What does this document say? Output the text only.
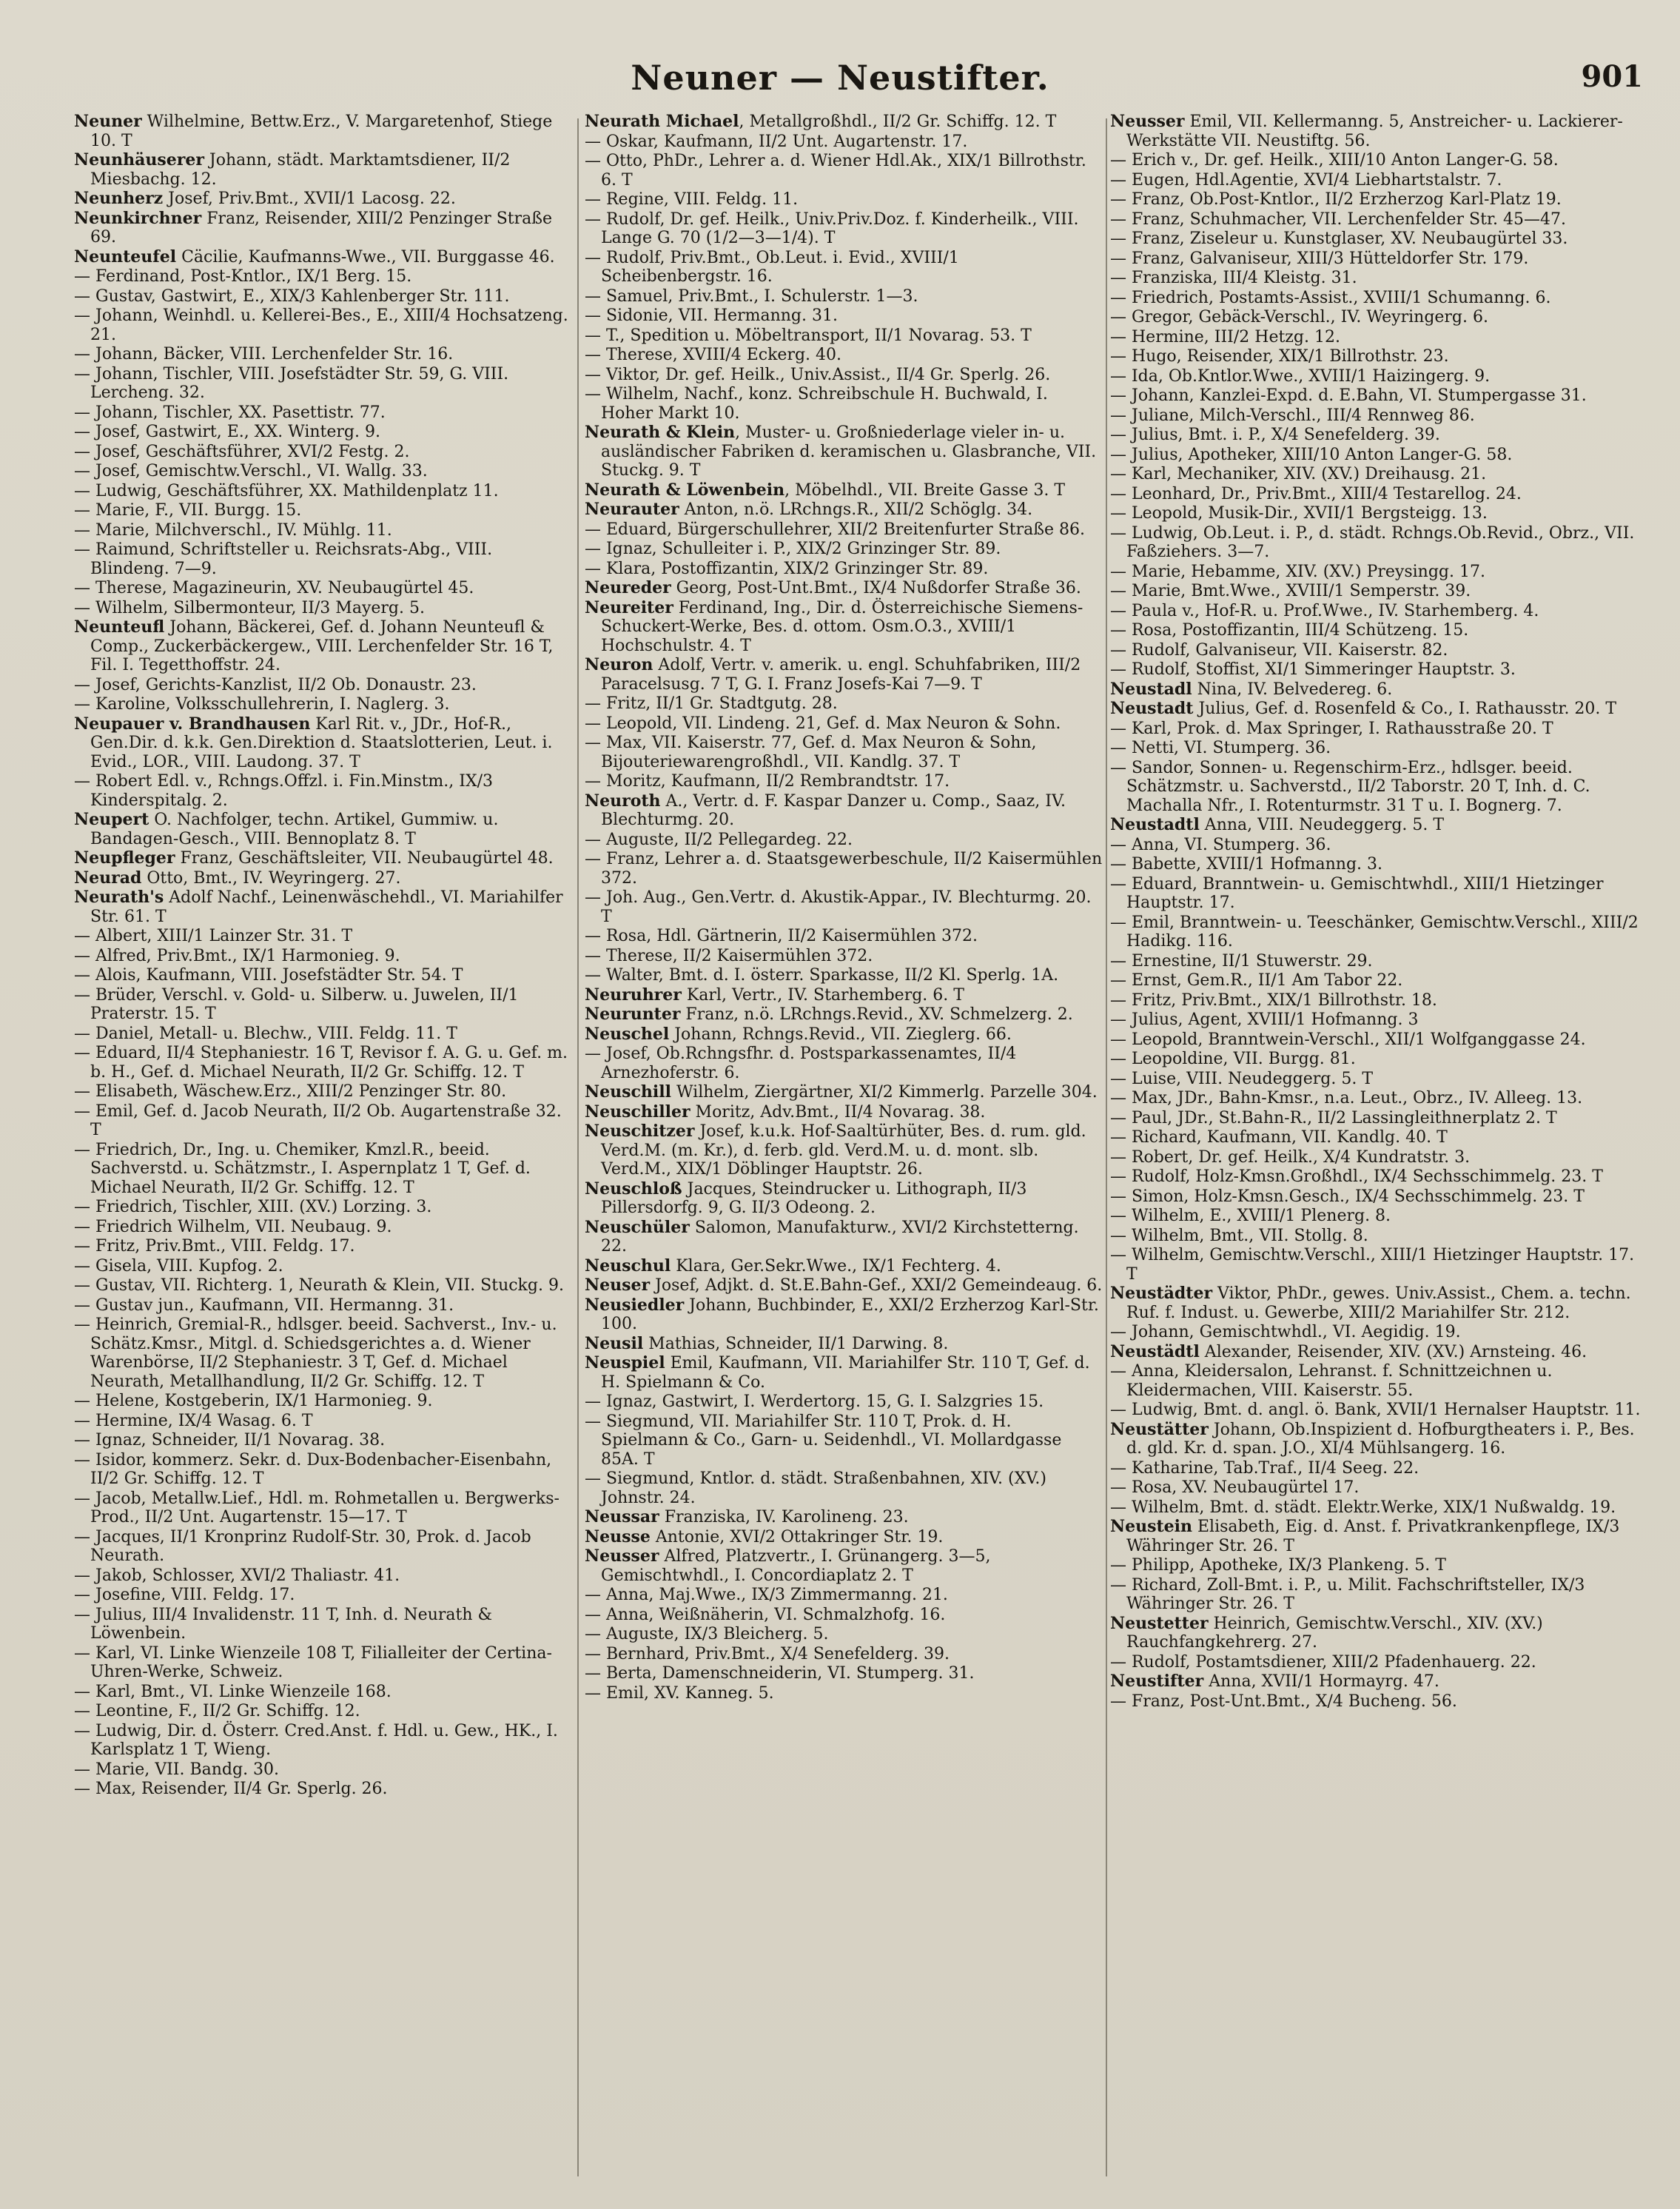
Neuner — Neustifter.	901
Neuner Wilhelmine, Bettw.Erz., V. Margaretenhof, Stiege 10. T
Neunhäuserer Johann, städt. Marktamtsdiener, II/2 Miesbachg. 12.
Neunherz Josef, Priv.Bmt., XVII/1 Lacosg. 22.
Neunkirchner Franz, Reisender, XIII/2 Penzinger Straße 69.
Neunteufel Cäcilie, Kaufmanns-Wwe., VII. Burggasse 46.
— Ferdinand, Post-Kntlor., IX/1 Berg. 15.
— Gustav, Gastwirt, E., XIX/3 Kahlenberger Str. 111.
— Johann, Weinhdl. u. Kellerei-Bes., E., XIII/4 Hochsatzeng. 21.
— Johann, Bäcker, VIII. Lerchenfelder Str. 16.
— Johann, Tischler, VIII. Josefstädter Str. 59, G. VIII. Lercheng. 32.
— Johann, Tischler, XX. Pasettistr. 77.
— Josef, Gastwirt, E., XX. Winterg. 9.
— Josef, Geschäftsführer, XVI/2 Festg. 2.
— Josef, Gemischtw.Verschl., VI. Wallg. 33.
— Ludwig, Geschäftsführer, XX. Mathildenplatz 11.
— Marie, F., VII. Burgg. 15.
— Marie, Milchverschl., IV. Mühlg. 11.
— Raimund, Schriftsteller u. Reichsrats-Abg., VIII. Blindeng. 7—9.
— Therese, Magazineurin, XV. Neubaugürtel 45.
— Wilhelm, Silbermonteur, II/3 Mayerg. 5.
Neunteufl Johann, Bäckerei, Gef. d. Johann Neunteufl & Comp., Zuckerbäckergew., VIII. Lerchenfelder Str. 16 T, Fil. I. Tegetthoffstr. 24.
— Josef, Gerichts-Kanzlist, II/2 Ob. Donaustr. 23.
— Karoline, Volksschullehrerin, I. Naglerg. 3.
Neupauer v. Brandhausen Karl Rit. v., JDr., Hof-R., Gen.Dir. d. k.k. Gen.Direktion d. Staatslotterien, Leut. i. Evid., LOR., VIII. Laudong. 37. T
— Robert Edl. v., Rchngs.Offzl. i. Fin.Minstm., IX/3 Kinderspitalg. 2.
Neupert O. Nachfolger, techn. Artikel, Gummiw. u. Bandagen-Gesch., VIII. Bennoplatz 8. T
Neupfleger Franz, Geschäftsleiter, VII. Neubaugürtel 48.
Neurad Otto, Bmt., IV. Weyringerg. 27.
Neurath's Adolf Nachf., Leinenwäschehdl., VI. Mariahilfer Str. 61. T
— Albert, XIII/1 Lainzer Str. 31. T
— Alfred, Priv.Bmt., IX/1 Harmonieg. 9.
— Alois, Kaufmann, VIII. Josefstädter Str. 54. T
— Brüder, Verschl. v. Gold- u. Silberw. u. Juwelen, II/1 Praterstr. 15. T
— Daniel, Metall- u. Blechw., VIII. Feldg. 11. T
— Eduard, II/4 Stephaniestr. 16 T, Revisor f. A. G. u. Gef. m. b. H., Gef. d. Michael Neurath, II/2 Gr. Schiffg. 12. T
— Elisabeth, Wäschew.Erz., XIII/2 Penzinger Str. 80.
— Emil, Gef. d. Jacob Neurath, II/2 Ob. Augartenstraße 32. T
— Friedrich, Dr., Ing. u. Chemiker, Kmzl.R., beeid. Sachverstd. u. Schätzmstr., I. Aspernplatz 1 T, Gef. d. Michael Neurath, II/2 Gr. Schiffg. 12. T
— Friedrich, Tischler, XIII. (XV.) Lorzing. 3.
— Friedrich Wilhelm, VII. Neubaug. 9.
— Fritz, Priv.Bmt., VIII. Feldg. 17.
— Gisela, VIII. Kupfog. 2.
— Gustav, VII. Richterg. 1, Neurath & Klein, VII. Stuckg. 9.
— Gustav jun., Kaufmann, VII. Hermanng. 31.
— Heinrich, Gremial-R., hdlsger. beeid. Sachverst., Inv.- u. Schätz.Kmsr., Mitgl. d. Schiedsgerichtes a. d. Wiener Warenbörse, II/2 Stephaniestr. 3 T, Gef. d. Michael Neurath, Metallhandlung, II/2 Gr. Schiffg. 12. T
— Helene, Kostgeberin, IX/1 Harmonieg. 9.
— Hermine, IX/4 Wasag. 6. T
— Ignaz, Schneider, II/1 Novarag. 38.
— Isidor, kommerz. Sekr. d. Dux-Bodenbacher-Eisenbahn, II/2 Gr. Schiffg. 12. T
— Jacob, Metallw.Lief., Hdl. m. Rohmetallen u. Bergwerks-Prod., II/2 Unt. Augartenstr. 15—17. T
— Jacques, II/1 Kronprinz Rudolf-Str. 30, Prok. d. Jacob Neurath.
— Jakob, Schlosser, XVI/2 Thaliastr. 41.
— Josefine, VIII. Feldg. 17.
— Julius, III/4 Invalidenstr. 11 T, Inh. d. Neurath & Löwenbein.
— Karl, VI. Linke Wienzeile 108 T, Filialleiter der Certina-Uhren-Werke, Schweiz.
— Karl, Bmt., VI. Linke Wienzeile 168.
— Leontine, F., II/2 Gr. Schiffg. 12.
— Ludwig, Dir. d. Österr. Cred.Anst. f. Hdl. u. Gew., HK., I. Karlsplatz 1 T, Wieng.
— Marie, VII. Bandg. 30.
— Max, Reisender, II/4 Gr. Sperlg. 26.
Neurath Michael, Metallgroßhdl., II/2 Gr. Schiffg. 12. T
— Oskar, Kaufmann, II/2 Unt. Augartenstr. 17.
— Otto, PhDr., Lehrer a. d. Wiener Hdl.Ak., XIX/1 Billrothstr. 6. T
— Regine, VIII. Feldg. 11.
— Rudolf, Dr. gef. Heilk., Univ.Priv.Doz. f. Kinderheilk., VIII. Lange G. 70 (1/2—3—1/4). T
— Rudolf, Priv.Bmt., Ob.Leut. i. Evid., XVIII/1 Scheibenbergstr. 16.
— Samuel, Priv.Bmt., I. Schulerstr. 1—3.
— Sidonie, VII. Hermanng. 31.
— T., Spedition u. Möbeltransport, II/1 Novarag. 53. T
— Therese, XVIII/4 Eckerg. 40.
— Viktor, Dr. gef. Heilk., Univ.Assist., II/4 Gr. Sperlg. 26.
— Wilhelm, Nachf., konz. Schreibschule H. Buchwald, I. Hoher Markt 10.
Neurath & Klein, Muster- u. Großniederlage vieler in- u. ausländischer Fabriken d. keramischen u. Glasbranche, VII. Stuckg. 9. T
Neurath & Löwenbein, Möbelhdl., VII. Breite Gasse 3. T
Neurauter Anton, n.ö. LRchngs.R., XII/2 Schöglg. 34.
— Eduard, Bürgerschullehrer, XII/2 Breitenfurter Straße 86.
— Ignaz, Schulleiter i. P., XIX/2 Grinzinger Str. 89.
— Klara, Postoffizantin, XIX/2 Grinzinger Str. 89.
Neureder Georg, Post-Unt.Bmt., IX/4 Nußdorfer Straße 36.
Neureiter Ferdinand, Ing., Dir. d. Österreichische Siemens-Schuckert-Werke, Bes. d. ottom. Osm.O.3., XVIII/1 Hochschulstr. 4. T
Neuron Adolf, Vertr. v. amerik. u. engl. Schuhfabriken, III/2 Paracelsusg. 7 T, G. I. Franz Josefs-Kai 7—9. T
— Fritz, II/1 Gr. Stadtgutg. 28.
— Leopold, VII. Lindeng. 21, Gef. d. Max Neuron & Sohn.
— Max, VII. Kaiserstr. 77, Gef. d. Max Neuron & Sohn, Bijouteriewarengroßhdl., VII. Kandlg. 37. T
— Moritz, Kaufmann, II/2 Rembrandtstr. 17.
Neuroth A., Vertr. d. F. Kaspar Danzer u. Comp., Saaz, IV. Blechturmg. 20.
— Auguste, II/2 Pellegardeg. 22.
— Franz, Lehrer a. d. Staatsgewerbeschule, II/2 Kaisermühlen 372.
— Joh. Aug., Gen.Vertr. d. Akustik-Appar., IV. Blechturmg. 20. T
— Rosa, Hdl. Gärtnerin, II/2 Kaisermühlen 372.
— Therese, II/2 Kaisermühlen 372.
— Walter, Bmt. d. I. österr. Sparkasse, II/2 Kl. Sperlg. 1A.
Neuruhrer Karl, Vertr., IV. Starhemberg. 6. T
Neurunter Franz, n.ö. LRchngs.Revid., XV. Schmelzerg. 2.
Neuschel Johann, Rchngs.Revid., VII. Zieglerg. 66.
— Josef, Ob.Rchngsfhr. d. Postsparkassenamtes, II/4 Arnezhoferstr. 6.
Neuschill Wilhelm, Ziergärtner, XI/2 Kimmerlg. Parzelle 304.
Neuschiller Moritz, Adv.Bmt., II/4 Novarag. 38.
Neuschitzer Josef, k.u.k. Hof-Saaltürhüter, Bes. d. rum. gld. Verd.M. (m. Kr.), d. ferb. gld. Verd.M. u. d. mont. slb. Verd.M., XIX/1 Döblinger Hauptstr. 26.
Neuschloß Jacques, Steindrucker u. Lithograph, II/3 Pillersdorfg. 9, G. II/3 Odeong. 2.
Neuschüler Salomon, Manufakturw., XVI/2 Kirchstetterng. 22.
Neuschul Klara, Ger.Sekr.Wwe., IX/1 Fechterg. 4.
Neuser Josef, Adjkt. d. St.E.Bahn-Gef., XXI/2 Gemeindeaug. 6.
Neusiedler Johann, Buchbinder, E., XXI/2 Erzherzog Karl-Str. 100.
Neusil Mathias, Schneider, II/1 Darwing. 8.
Neuspiel Emil, Kaufmann, VII. Mariahilfer Str. 110 T, Gef. d. H. Spielmann & Co.
— Ignaz, Gastwirt, I. Werdertorg. 15, G. I. Salzgries 15.
— Siegmund, VII. Mariahilfer Str. 110 T, Prok. d. H. Spielmann & Co., Garn- u. Seidenhdl., VI. Mollardgasse 85A. T
— Siegmund, Kntlor. d. städt. Straßenbahnen, XIV. (XV.) Johnstr. 24.
Neussar Franziska, IV. Karolineng. 23.
Neusse Antonie, XVI/2 Ottakringer Str. 19.
Neusser Alfred, Platzvertr., I. Grünangerg. 3—5, Gemischtwhdl., I. Concordiaplatz 2. T
— Anna, Maj.Wwe., IX/3 Zimmermanng. 21.
— Anna, Weißnäherin, VI. Schmalzhofg. 16.
— Auguste, IX/3 Bleicherg. 5.
— Bernhard, Priv.Bmt., X/4 Senefelderg. 39.
— Berta, Damenschneiderin, VI. Stumperg. 31.
— Emil, XV. Kanneg. 5.
Neusser Emil, VII. Kellermanng. 5, Anstreicher- u. Lackierer-Werkstätte VII. Neustiftg. 56.
— Erich v., Dr. gef. Heilk., XIII/10 Anton Langer-G. 58.
— Eugen, Hdl.Agentie, XVI/4 Liebhartstalstr. 7.
— Franz, Ob.Post-Kntlor., II/2 Erzherzog Karl-Platz 19.
— Franz, Schuhmacher, VII. Lerchenfelder Str. 45—47.
— Franz, Ziseleur u. Kunstglaser, XV. Neubaugürtel 33.
— Franz, Galvaniseur, XIII/3 Hütteldorfer Str. 179.
— Franziska, III/4 Kleistg. 31.
— Friedrich, Postamts-Assist., XVIII/1 Schumanng. 6.
— Gregor, Gebäck-Verschl., IV. Weyringerg. 6.
— Hermine, III/2 Hetzg. 12.
— Hugo, Reisender, XIX/1 Billrothstr. 23.
— Ida, Ob.Kntlor.Wwe., XVIII/1 Haizingerg. 9.
— Johann, Kanzlei-Expd. d. E.Bahn, VI. Stumpergasse 31.
— Juliane, Milch-Verschl., III/4 Rennweg 86.
— Julius, Bmt. i. P., X/4 Senefelderg. 39.
— Julius, Apotheker, XIII/10 Anton Langer-G. 58.
— Karl, Mechaniker, XIV. (XV.) Dreihausg. 21.
— Leonhard, Dr., Priv.Bmt., XIII/4 Testarellog. 24.
— Leopold, Musik-Dir., XVII/1 Bergsteigg. 13.
— Ludwig, Ob.Leut. i. P., d. städt. Rchngs.Ob.Revid., Obrz., VII. Faßziehers. 3—7.
— Marie, Hebamme, XIV. (XV.) Preysingg. 17.
— Marie, Bmt.Wwe., XVIII/1 Semperstr. 39.
— Paula v., Hof-R. u. Prof.Wwe., IV. Starhemberg. 4.
— Rosa, Postoffizantin, III/4 Schützeng. 15.
— Rudolf, Galvaniseur, VII. Kaiserstr. 82.
— Rudolf, Stoffist, XI/1 Simmeringer Hauptstr. 3.
Neustadl Nina, IV. Belvedereg. 6.
Neustadt Julius, Gef. d. Rosenfeld & Co., I. Rathausstr. 20. T
— Karl, Prok. d. Max Springer, I. Rathausstraße 20. T
— Netti, VI. Stumperg. 36.
— Sandor, Sonnen- u. Regenschirm-Erz., hdlsger. beeid. Schätzmstr. u. Sachverstd., II/2 Taborstr. 20 T, Inh. d. C. Machalla Nfr., I. Rotenturmstr. 31 T u. I. Bognerg. 7.
Neustadtl Anna, VIII. Neudeggerg. 5. T
— Anna, VI. Stumperg. 36.
— Babette, XVIII/1 Hofmanng. 3.
— Eduard, Branntwein- u. Gemischtwhdl., XIII/1 Hietzinger Hauptstr. 17.
— Emil, Branntwein- u. Teeschänker, Gemischtw.Verschl., XIII/2 Hadikg. 116.
— Ernestine, II/1 Stuwerstr. 29.
— Ernst, Gem.R., II/1 Am Tabor 22.
— Fritz, Priv.Bmt., XIX/1 Billrothstr. 18.
— Julius, Agent, XVIII/1 Hofmanng. 3
— Leopold, Branntwein-Verschl., XII/1 Wolfganggasse 24.
— Leopoldine, VII. Burgg. 81.
— Luise, VIII. Neudeggerg. 5. T
— Max, JDr., Bahn-Kmsr., n.a. Leut., Obrz., IV. Alleeg. 13.
— Paul, JDr., St.Bahn-R., II/2 Lassingleithnerplatz 2. T
— Richard, Kaufmann, VII. Kandlg. 40. T
— Robert, Dr. gef. Heilk., X/4 Kundratstr. 3.
— Rudolf, Holz-Kmsn.Großhdl., IX/4 Sechsschimmelg. 23. T
— Simon, Holz-Kmsn.Gesch., IX/4 Sechsschimmelg. 23. T
— Wilhelm, E., XVIII/1 Plenerg. 8.
— Wilhelm, Bmt., VII. Stollg. 8.
— Wilhelm, Gemischtw.Verschl., XIII/1 Hietzinger Hauptstr. 17. T
Neustädter Viktor, PhDr., gewes. Univ.Assist., Chem. a. techn. Ruf. f. Indust. u. Gewerbe, XIII/2 Mariahilfer Str. 212.
— Johann, Gemischtwhdl., VI. Aegidig. 19.
Neustädtl Alexander, Reisender, XIV. (XV.) Arnsteing. 46.
— Anna, Kleidersalon, Lehranst. f. Schnittzeichnen u. Kleidermachen, VIII. Kaiserstr. 55.
— Ludwig, Bmt. d. angl. ö. Bank, XVII/1 Hernalser Hauptstr. 11.
Neustätter Johann, Ob.Inspizient d. Hofburgtheaters i. P., Bes. d. gld. Kr. d. span. J.O., XI/4 Mühlsangerg. 16.
— Katharine, Tab.Traf., II/4 Seeg. 22.
— Rosa, XV. Neubaugürtel 17.
— Wilhelm, Bmt. d. städt. Elektr.Werke, XIX/1 Nußwaldg. 19.
Neustein Elisabeth, Eig. d. Anst. f. Privatkrankenpflege, IX/3 Währinger Str. 26. T
— Philipp, Apotheke, IX/3 Plankeng. 5. T
— Richard, Zoll-Bmt. i. P., u. Milit. Fachschriftsteller, IX/3 Währinger Str. 26. T
Neustetter Heinrich, Gemischtw.Verschl., XIV. (XV.) Rauchfangkehrerg. 27.
— Rudolf, Postamtsdiener, XIII/2 Pfadenhauerg. 22.
Neustifter Anna, XVII/1 Hormayrg. 47.
— Franz, Post-Unt.Bmt., X/4 Bucheng. 56.
